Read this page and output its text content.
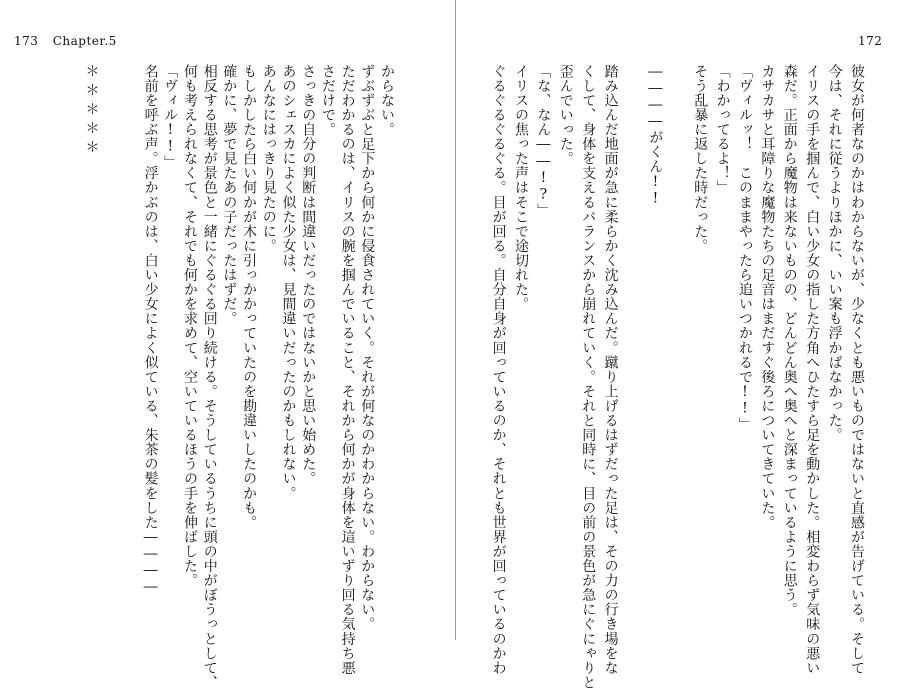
173 Chapter.5	172
彼女が何者なのかはわからないが、少なくとも悪いものではないと直感が告げている。そして
今は、それに従うよりほかに、いい案も浮かばなかった。
イリスの手を掴んで、白い少女の指した方角へひたすら足を動かした。相変わらず気味の悪い
森だ。正面から魔物は来ないものの、どんどん奥へ奥へと深まっているように思う。
カサカサと耳障りな魔物たちの足音はまだすぐ後ろについてきていた。
「ヴィルッ！　このままやったら追いつかれるで!!」
「わかってるよ！」
そう乱暴に返した時だった。
――――がくん!!
踏み込んだ地面が急に柔らかく沈み込んだ。蹴り上げるはずだった足は、その力の行き場をな
くして、身体を支えるバランスから崩れていく。それと同時に、目の前の景色が急にぐにゃりと
歪んでいった。
「な、なん――!?」
イリスの焦った声はそこで途切れた。
ぐるぐるぐるぐる。目が回る。自分自身が回っているのか、それとも世界が回っているのかわ
からない。
ずぶずぶと足下から何かに侵食されていく。それが何なのかわからない。わからない。
ただわかるのは、イリスの腕を掴んでいること、それから何かが身体を這いずり回る気持ち悪
さだけで。
さっきの自分の判断は間違いだったのではないかと思い始めた。
あのシェスカによく似た少女は、見間違いだったのかもしれない。
あんなにはっきり見たのに。
もしかしたら白い何かが木に引っかかっていたのを勘違いしたのかも。
確かに、夢で見たあの子だったはずだ。
相反する思考が景色と一緒にぐるぐる回り続ける。そうしているうちに頭の中がぼうっとして、
何も考えられなくて、それでも何かを求めて、空いているほうの手を伸ばした。
「ヴィル!!」
名前を呼ぶ声。浮かぶのは、白い少女によく似ている、朱茶の髪をした――――
＊＊＊＊＊
